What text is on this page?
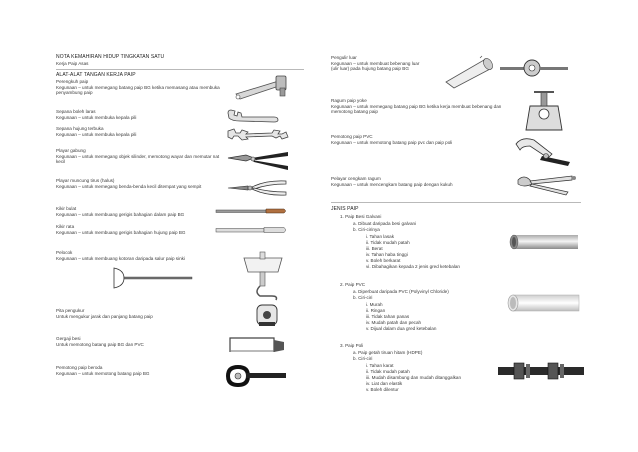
NOTA KEMAHIRAN HIDUP TINGKATAN SATU
Kerja Paip Asas
ALAT-ALAT TANGAN KERJA PAIP
Perengkuh paip
Kegunaan – untuk memegang batang paip BG ketika memasang atau membuka penyambung paip
Sepana boleh laras
Kegunaan – untuk membuka kepala pili
Sepana hujung terbuka
Kegunaan – untuk membuka kepala pili
Playar gabung
Kegunaan – untuk memegang objek silinder, memotong wayar dan memutar nat kecil
Playar muncung tirus (halus)
Kegunaan – untuk memegang benda-benda kecil ditempat yang sempit
Kikir bulat
Kegunaan – untuk membuang gerigis bahagian dalam paip BG
Kikir rata
Kegunaan – untuk membuang gerigis bahagian hujung paip BG
Pelocok
Kegunaan – untuk membuang kotoran daripada salur paip sinki
Pita pengukur
Untuk mengukur jarak dan panjang batang paip
Gergaji besi
Untuk memotong batang paip BG dan PVC
Pemotong paip beroda
Kegunaan – untuk memotong batang paip BG
Pengulir luar
Kegunaan – untuk membuat bebenang luar (ulir luar) pada hujung batang paip BG
Ragum paip yoke
Kegunaan – untuk memegang batang paip BG ketika kerja membuat bebenang dan memotong batang paip
Pemotong paip PVC
Kegunaan – untuk memotong batang paip pvc dan paip poli
Pelayar cengkam ragum
Kegunaan – untuk mencengkam batang paip dengan kukuh
JENIS PAIP
1. Paip Besi Galvani
a. Dibuat daripada besi galvani
b. Ciri-cirinya
i. Tahan lasak
ii. Tidak mudah patah
iii. Berat
iv. Tahan haba tinggi
v. Boleh berkarat
vi. Dibahagikan kepada 2 jenis gred ketebalan
2. Paip PVC
a. Diperbuat daripada PVC (Polyvinyl Chloride)
b. Ciri-ciri
i. Murah
ii. Ringan
iii. Tidak tahan panas
iv. Mudah patah dan pecah
v. Dijual dalam dua gred ketebalan
3. Paip Poli
a. Paip getah tiruan hitam (HDPE)
b. Ciri-ciri
i. Tahan karat
ii. Tidak mudah patah
iii. Mudah disambung dan mudah ditanggalkan
iv. Liat dan elastik
v. Boleh dilentur
